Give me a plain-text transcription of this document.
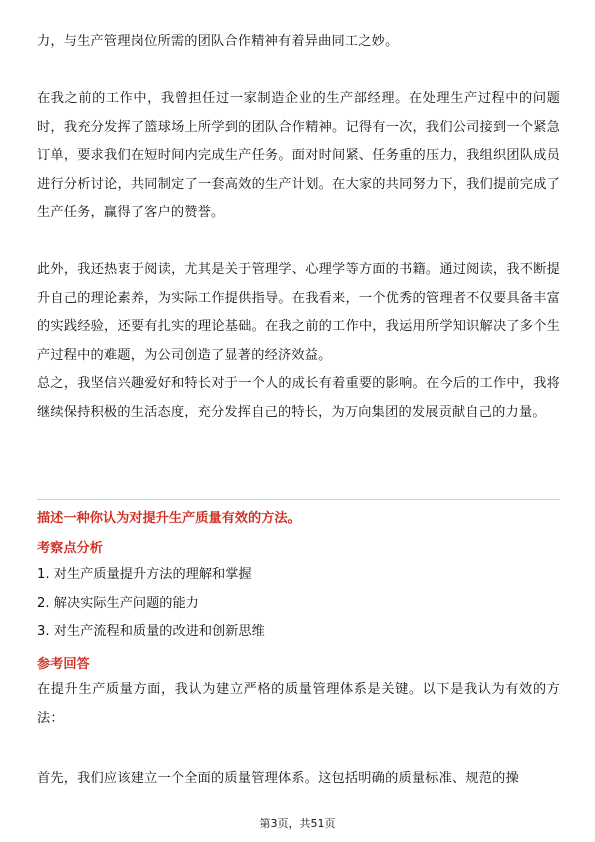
力，与生产管理岗位所需的团队合作精神有着异曲同工之妙。
在我之前的工作中，我曾担任过一家制造企业的生产部经理。在处理生产过程中的问题时，我充分发挥了篮球场上所学到的团队合作精神。记得有一次，我们公司接到一个紧急订单，要求我们在短时间内完成生产任务。面对时间紧、任务重的压力，我组织团队成员进行分析讨论，共同制定了一套高效的生产计划。在大家的共同努力下，我们提前完成了生产任务，赢得了客户的赞誉。
此外，我还热衷于阅读，尤其是关于管理学、心理学等方面的书籍。通过阅读，我不断提升自己的理论素养，为实际工作提供指导。在我看来，一个优秀的管理者不仅要具备丰富的实践经验，还要有扎实的理论基础。在我之前的工作中，我运用所学知识解决了多个生产过程中的难题，为公司创造了显著的经济效益。
总之，我坚信兴趣爱好和特长对于一个人的成长有着重要的影响。在今后的工作中，我将继续保持积极的生活态度，充分发挥自己的特长，为万向集团的发展贡献自己的力量。
描述一种你认为对提升生产质量有效的方法。
考察点分析
1. 对生产质量提升方法的理解和掌握
2. 解决实际生产问题的能力
3. 对生产流程和质量的改进和创新思维
参考回答
在提升生产质量方面，我认为建立严格的质量管理体系是关键。以下是我认为有效的方法：
首先，我们应该建立一个全面的质量管理体系。这包括明确的质量标准、规范的操
第3页，共51页
